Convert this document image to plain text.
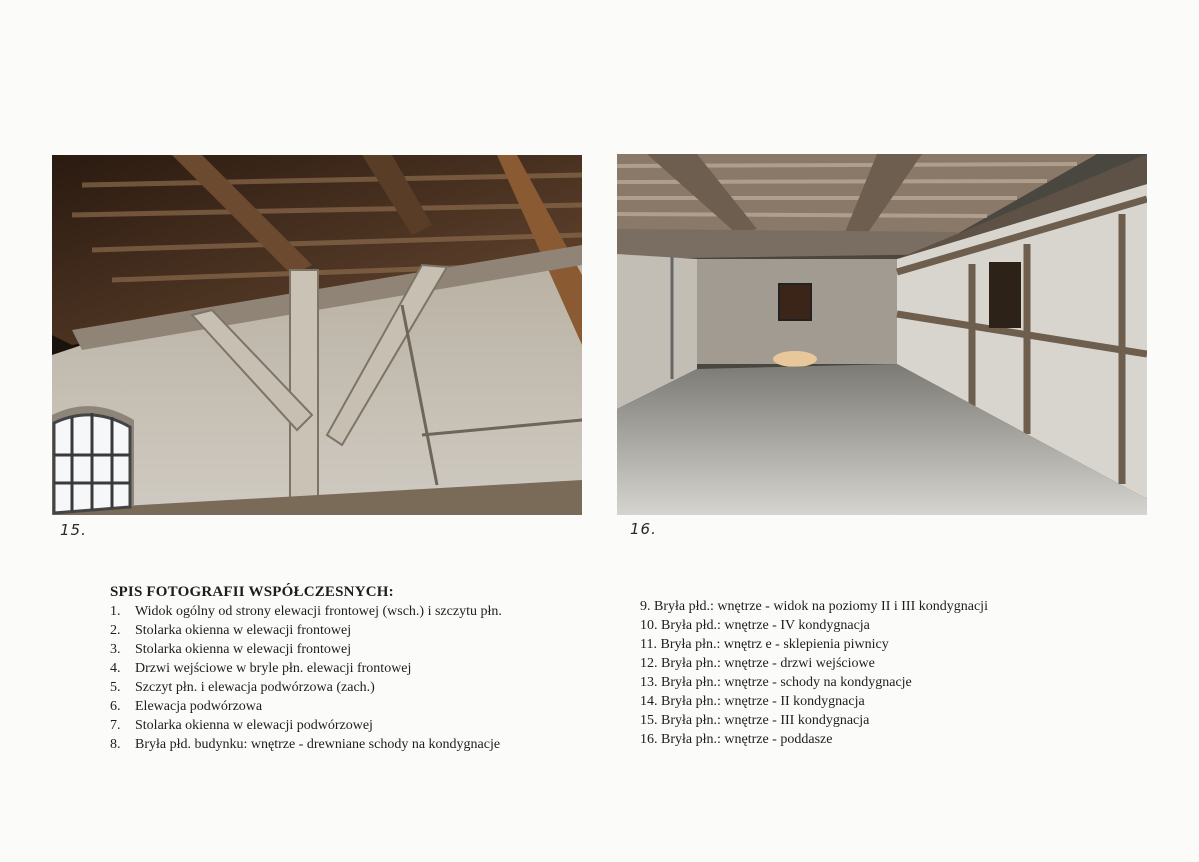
15.	16.
SPIS FOTOGRAFII WSPÓŁCZESNYCH:
1. Widok ogólny od strony elewacji frontowej (wsch.) i szczytu płn.
2. Stolarka okienna w elewacji frontowej
3. Stolarka okienna w elewacji frontowej
4. Drzwi wejściowe w bryle płn. elewacji frontowej
5. Szczyt płn. i elewacja podwórzowa (zach.)
6. Elewacja podwórzowa
7. Stolarka okienna w elewacji podwórzowej
8. Bryła płd. budynku: wnętrze - drewniane schody na kondygnacje
9. Bryła płd.: wnętrze - widok na poziomy II i III kondygnacji
10. Bryła płd.: wnętrze - IV kondygnacja
11. Bryła płn.: wnętrz e - sklepienia piwnicy
12. Bryła płn.: wnętrze - drzwi wejściowe
13. Bryła płn.: wnętrze - schody na kondygnacje
14. Bryła płn.: wnętrze - II kondygnacja
15. Bryła płn.: wnętrze - III kondygnacja
16. Bryła płn.: wnętrze - poddasze
